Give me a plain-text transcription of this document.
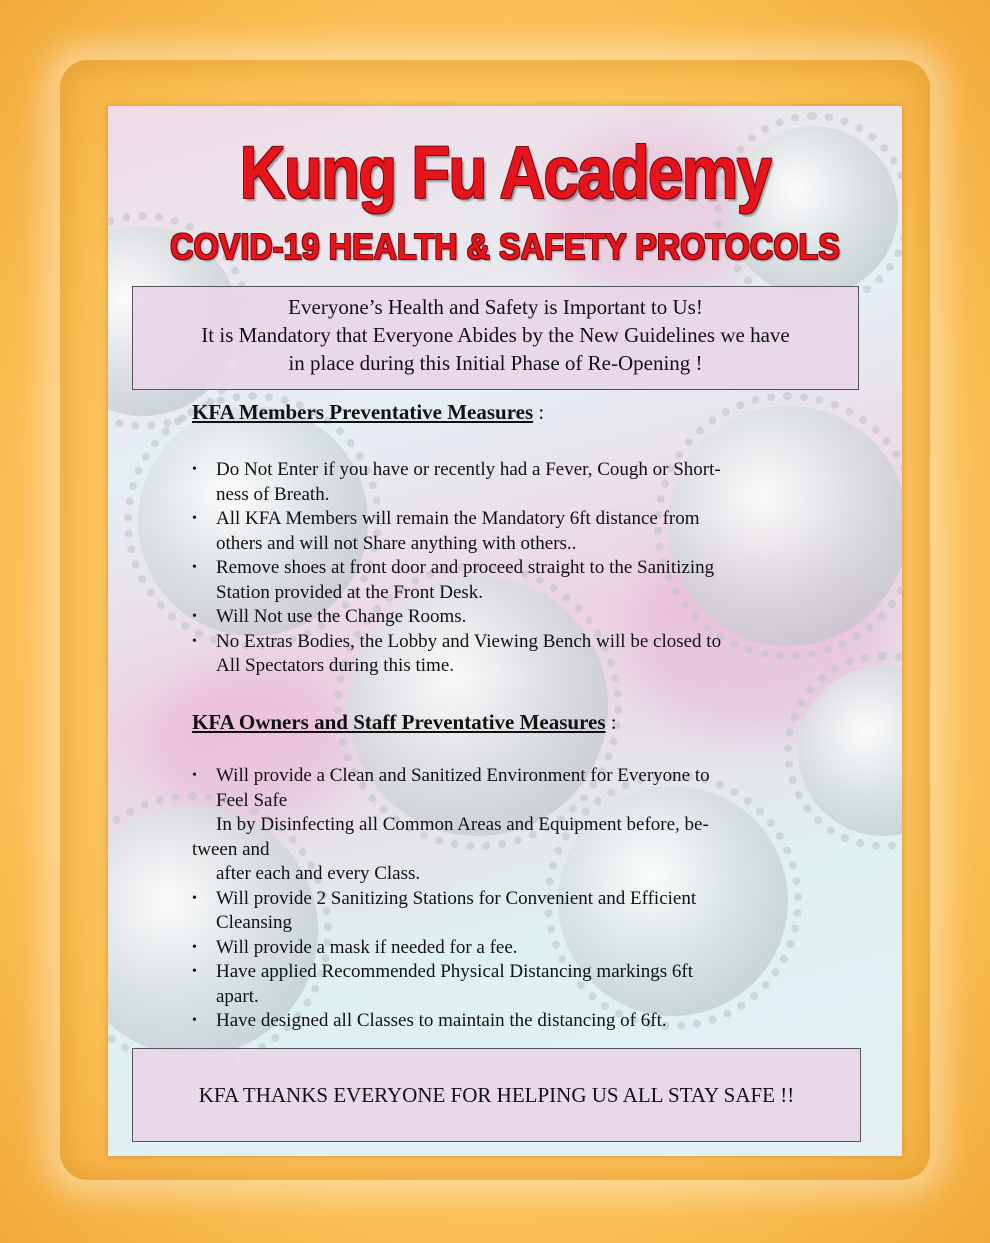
Kung Fu Academy
COVID-19 HEALTH & SAFETY PROTOCOLS
Everyone’s Health and Safety is Important to Us!
It is Mandatory that Everyone Abides by the New Guidelines we have
in place during this Initial Phase of Re-Opening !
KFA Members Preventative Measures :
• Do Not Enter if you have or recently had a Fever, Cough or Short-
ness of Breath.
• All KFA Members will remain the Mandatory 6ft distance from
others and will not Share anything with others..
• Remove shoes at front door and proceed straight to the Sanitizing
Station provided at the Front Desk.
• Will Not use the Change Rooms.
• No Extras Bodies, the Lobby and Viewing Bench will be closed to
All Spectators during this time.
KFA Owners and Staff Preventative Measures :
• Will provide a Clean and Sanitized Environment for Everyone to
Feel Safe
In by Disinfecting all Common Areas and Equipment before, be-
tween and
after each and every Class.
• Will provide 2 Sanitizing Stations for Convenient and Efficient
Cleansing
• Will provide a mask if needed for a fee.
• Have applied Recommended Physical Distancing markings 6ft
apart.
• Have designed all Classes to maintain the distancing of 6ft.
KFA THANKS EVERYONE FOR HELPING US ALL STAY SAFE !!
